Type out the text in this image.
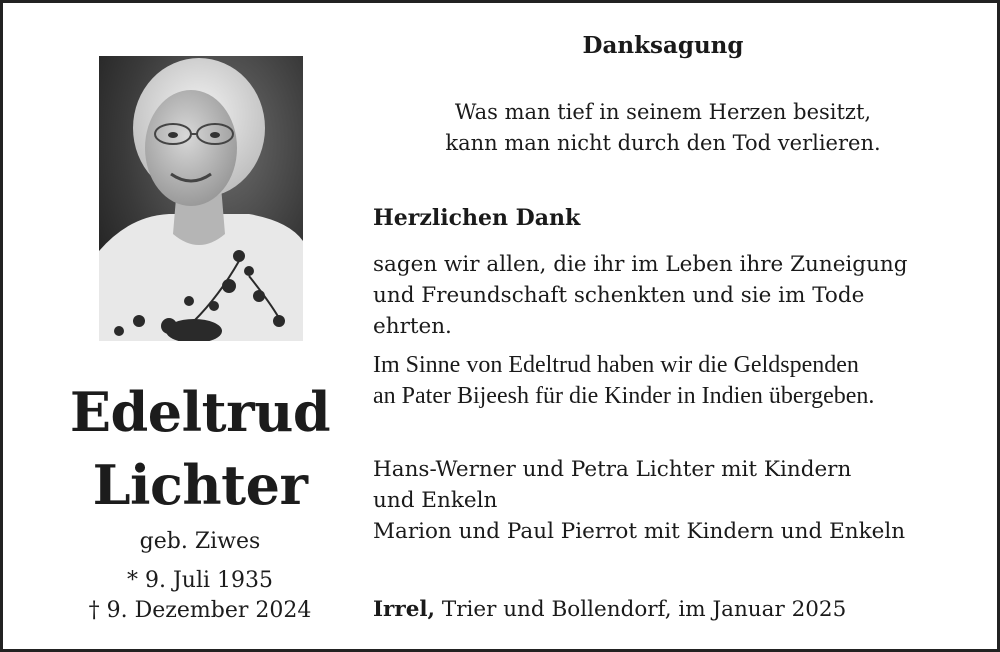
Edeltrud
Lichter
geb. Ziwes
* 9. Juli 1935
† 9. Dezember 2024
Danksagung
Was man tief in seinem Herzen besitzt,
kann man nicht durch den Tod verlieren.
Herzlichen Dank
sagen wir allen, die ihr im Leben ihre Zuneigung
und Freundschaft schenkten und sie im Tode
ehrten.
Im Sinne von Edeltrud haben wir die Geldspenden
an Pater Bijeesh für die Kinder in Indien übergeben.
Hans-Werner und Petra Lichter mit Kindern
und Enkeln
Marion und Paul Pierrot mit Kindern und Enkeln
Irrel, Trier und Bollendorf, im Januar 2025
